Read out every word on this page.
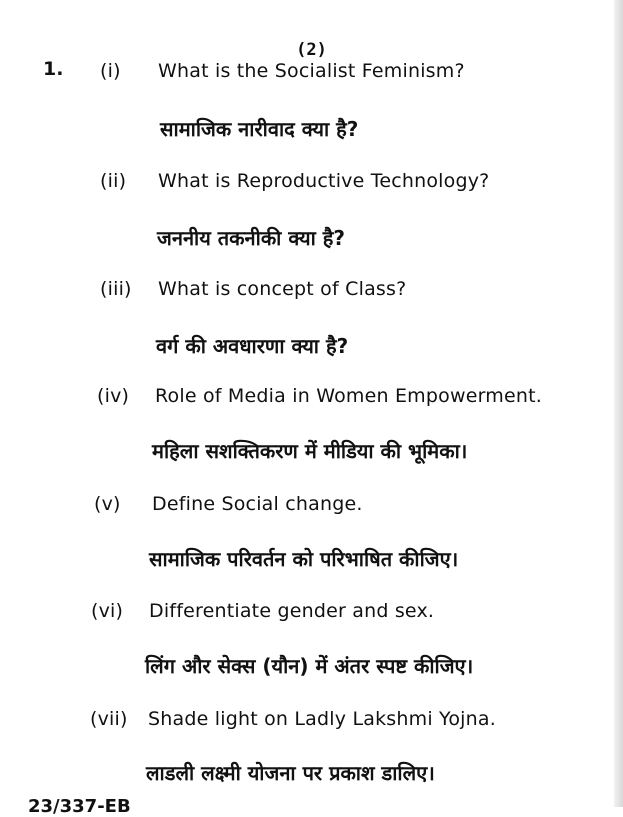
(2)
1. (i) What is the Socialist Feminism?
सामाजिक नारीवाद क्या है?
(ii) What is Reproductive Technology?
जननीय तकनीकी क्या है?
(iii) What is concept of Class?
वर्ग की अवधारणा क्या है?
(iv) Role of Media in Women Empowerment.
महिला सशक्तिकरण में मीडिया की भूमिका।
(v) Define Social change.
सामाजिक परिवर्तन को परिभाषित कीजिए।
(vi) Differentiate gender and sex.
लिंग और सेक्स (यौन) में अंतर स्पष्ट कीजिए।
(vii) Shade light on Ladly Lakshmi Yojna.
लाडली लक्ष्मी योजना पर प्रकाश डालिए।
23/337-EB
